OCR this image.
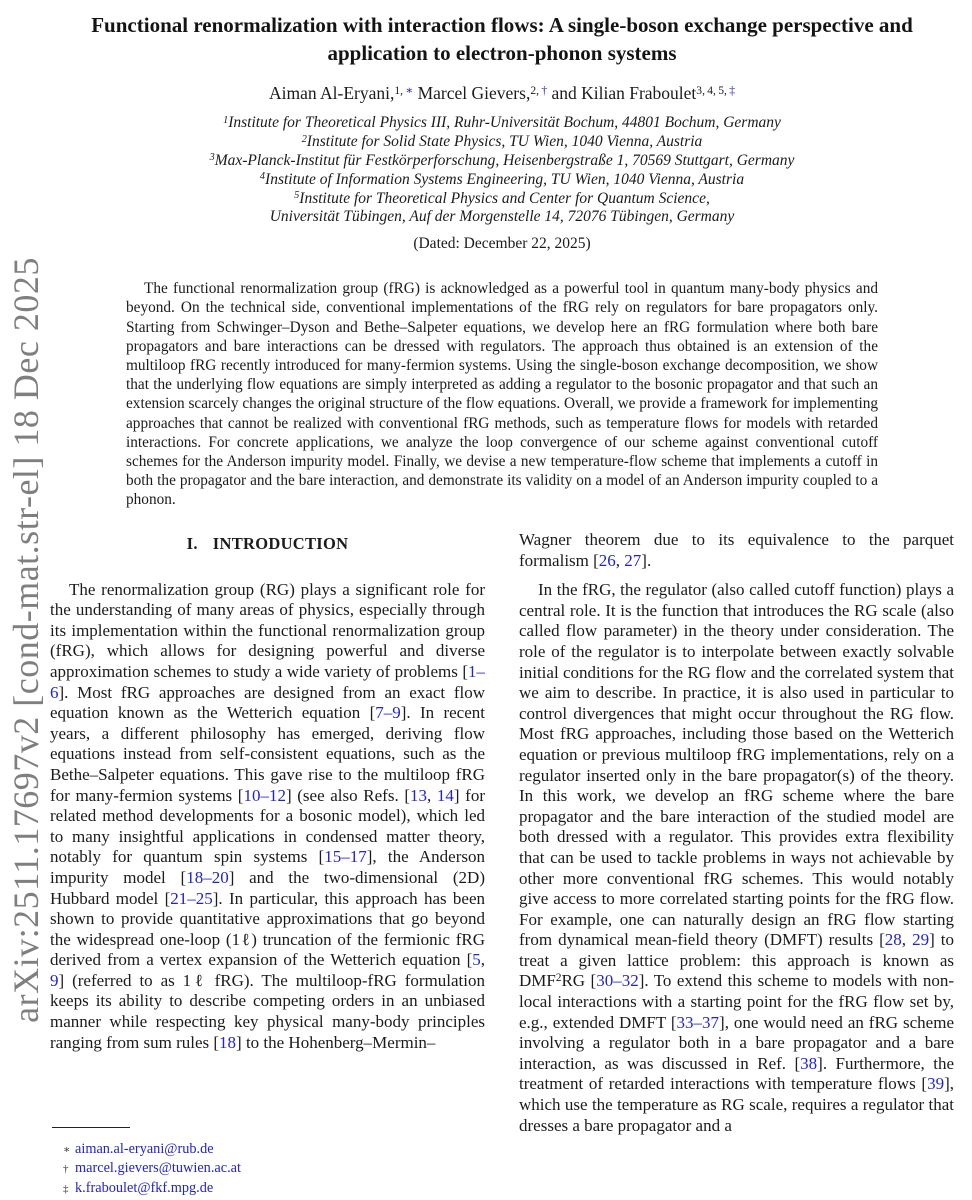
arXiv:2511.17697v2 [cond-mat.str-el] 18 Dec 2025
Functional renormalization with interaction flows: A single-boson exchange perspective and application to electron-phonon systems
Aiman Al-Eryani,$^{1,}$ ∗ Marcel Gievers,$^{2,}$ † and Kilian Fraboulet$^{3, 4, 5,}$ ‡
$^1$Institute for Theoretical Physics III, Ruhr-Universität Bochum, 44801 Bochum, Germany
$^2$Institute for Solid State Physics, TU Wien, 1040 Vienna, Austria
$^3$Max-Planck-Institut für Festkörperforschung, Heisenbergstraße 1, 70569 Stuttgart, Germany
$^4$Institute of Information Systems Engineering, TU Wien, 1040 Vienna, Austria
$^5$Institute for Theoretical Physics and Center for Quantum Science,
Universität Tübingen, Auf der Morgenstelle 14, 72076 Tübingen, Germany
(Dated: December 22, 2025)

The functional renormalization group (fRG) is acknowledged as a powerful tool in quantum many-body physics and beyond. On the technical side, conventional implementations of the fRG rely on regulators for bare propagators only. Starting from Schwinger–Dyson and Bethe–Salpeter equations, we develop here an fRG formulation where both bare propagators and bare interactions can be dressed with regulators. The approach thus obtained is an extension of the multiloop fRG recently introduced for many-fermion systems. Using the single-boson exchange decomposition, we show that the underlying flow equations are simply interpreted as adding a regulator to the bosonic propagator and that such an extension scarcely changes the original structure of the flow equations. Overall, we provide a framework for implementing approaches that cannot be realized with conventional fRG methods, such as temperature flows for models with retarded interactions. For concrete applications, we analyze the loop convergence of our scheme against conventional cutoff schemes for the Anderson impurity model. Finally, we devise a new temperature-flow scheme that implements a cutoff in both the propagator and the bare interaction, and demonstrate its validity on a model of an Anderson impurity coupled to a phonon.

I. INTRODUCTION

The renormalization group (RG) plays a significant role for the understanding of many areas of physics, especially through its implementation within the functional renormalization group (fRG), which allows for designing powerful and diverse approximation schemes to study a wide variety of problems [1–6]. Most fRG approaches are designed from an exact flow equation known as the Wetterich equation [7–9]. In recent years, a different philosophy has emerged, deriving flow equations instead from self-consistent equations, such as the Bethe–Salpeter equations. This gave rise to the multiloop fRG for many-fermion systems [10–12] (see also Refs. [13, 14] for related method developments for a bosonic model), which led to many insightful applications in condensed matter theory, notably for quantum spin systems [15–17], the Anderson impurity model [18–20] and the two-dimensional (2D) Hubbard model [21–25]. In particular, this approach has been shown to provide quantitative approximations that go beyond the widespread one-loop (1ℓ) truncation of the fermionic fRG derived from a vertex expansion of the Wetterich equation [5, 9] (referred to as 1ℓ fRG). The multiloop-fRG formulation keeps its ability to describe competing orders in an unbiased manner while respecting key physical many-body principles ranging from sum rules [18] to the Hohenberg–Mermin–

∗ aiman.al-eryani@rub.de
† marcel.gievers@tuwien.ac.at
‡ k.fraboulet@fkf.mpg.de

Wagner theorem due to its equivalence to the parquet formalism [26, 27].

In the fRG, the regulator (also called cutoff function) plays a central role. It is the function that introduces the RG scale (also called flow parameter) in the theory under consideration. The role of the regulator is to interpolate between exactly solvable initial conditions for the RG flow and the correlated system that we aim to describe. In practice, it is also used in particular to control divergences that might occur throughout the RG flow. Most fRG approaches, including those based on the Wetterich equation or previous multiloop fRG implementations, rely on a regulator inserted only in the bare propagator(s) of the theory. In this work, we develop an fRG scheme where the bare propagator and the bare interaction of the studied model are both dressed with a regulator. This provides extra flexibility that can be used to tackle problems in ways not achievable by other more conventional fRG schemes. This would notably give access to more correlated starting points for the fRG flow. For example, one can naturally design an fRG flow starting from dynamical mean-field theory (DMFT) results [28, 29] to treat a given lattice problem: this approach is known as DMF$^2$RG [30–32]. To extend this scheme to models with non-local interactions with a starting point for the fRG flow set by, e.g., extended DMFT [33–37], one would need an fRG scheme involving a regulator both in a bare propagator and a bare interaction, as was discussed in Ref. [38]. Furthermore, the treatment of retarded interactions with temperature flows [39], which use the temperature as RG scale, requires a regulator that dresses a bare propagator and a
